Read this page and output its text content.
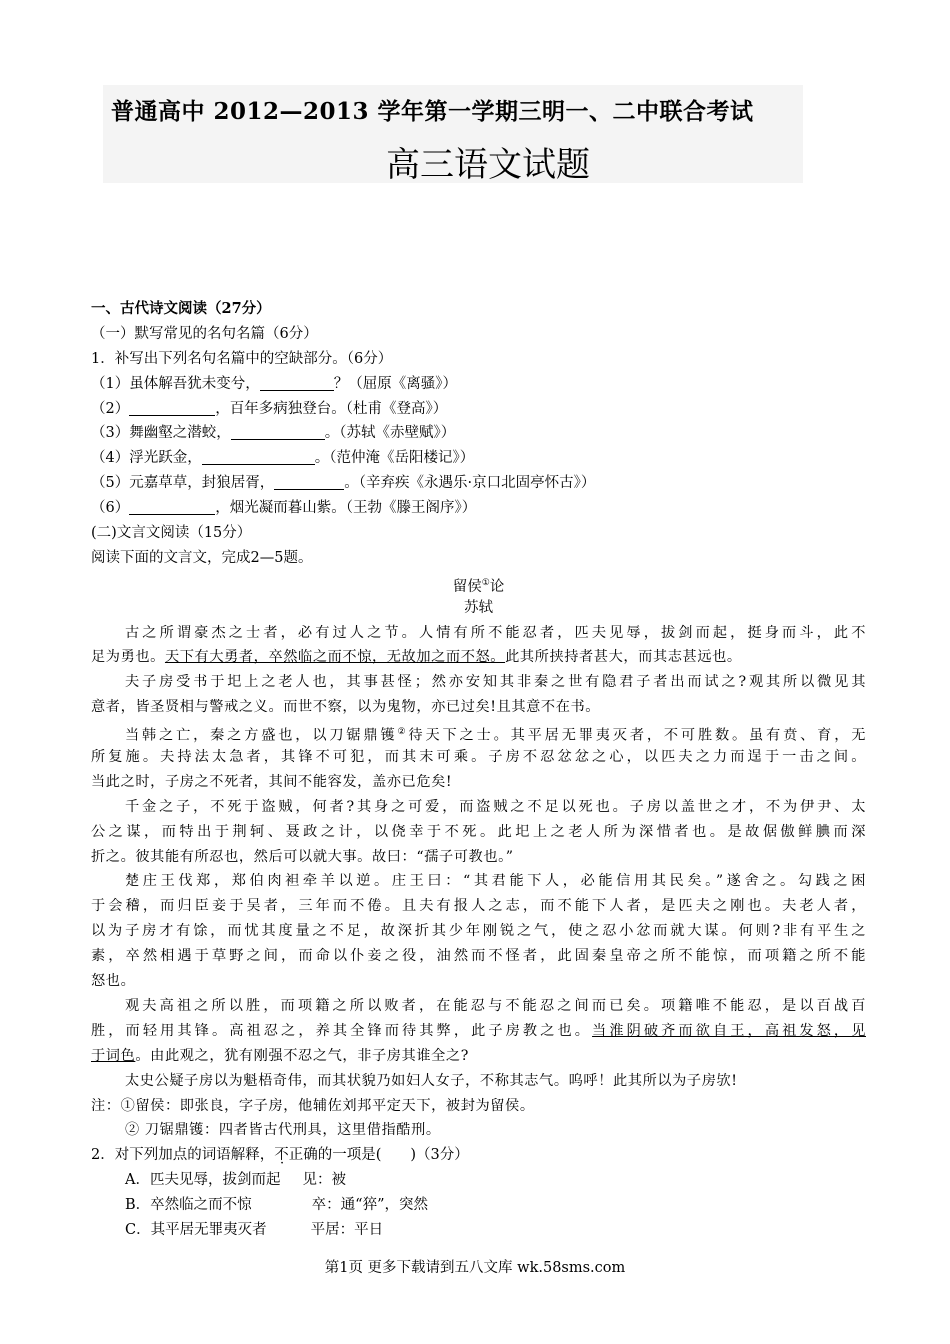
普通高中 2012—2013 学年第一学期三明一、二中联合考试
高三语文试题
一、古代诗文阅读（27分）
（一）默写常见的名句名篇（6分）
1．补写出下列名句名篇中的空缺部分。（6分）
（1）虽体解吾犹未变兮，	？（屈原《离骚》）
（2）	，百年多病独登台。（杜甫《登高》）
（3）舞幽壑之潜蛟，	。（苏轼《赤壁赋》）
（4）浮光跃金，	。（范仲淹《岳阳楼记》）
（5）元嘉草草，封狼居胥，	。（辛弃疾《永遇乐·京口北固亭怀古》）
（6）	，烟光凝而暮山紫。（王勃《滕王阁序》）
(二)文言文阅读（15分）
阅读下面的文言文，完成2—5题。
留侯①论
苏轼
古之所谓豪杰之士者，必有过人之节。人情有所不能忍者，匹夫见辱，拔剑而起，挺身而斗，此不
足为勇也。天下有大勇者，卒然临之而不惊，无故加之而不怒。此其所挟持者甚大，而其志甚远也。
夫子房受书于圯上之老人也，其事甚怪；然亦安知其非秦之世有隐君子者出而试之?观其所以微见其
意者，皆圣贤相与警戒之义。而世不察，以为鬼物，亦已过矣!且其意不在书。
当韩之亡，秦之方盛也，以刀锯鼎镬②待天下之士。其平居无罪夷灭者，不可胜数。虽有贲、育，无
所复施。夫持法太急者，其锋不可犯，而其末可乘。子房不忍忿忿之心，以匹夫之力而逞于一击之间。
当此之时，子房之不死者，其间不能容发，盖亦已危矣!
千金之子，不死于盗贼，何者?其身之可爱，而盗贼之不足以死也。子房以盖世之才，不为伊尹、太
公之谋，而特出于荆轲、聂政之计，以侥幸于不死。此圯上之老人所为深惜者也。是故倨傲鲜腆而深
折之。彼其能有所忍也，然后可以就大事。故曰：“孺子可教也。”
楚庄王伐郑，郑伯肉袒牵羊以逆。庄王曰：“其君能下人，必能信用其民矣。”遂舍之。勾践之困
于会稽，而归臣妾于吴者，三年而不倦。且夫有报人之志，而不能下人者，是匹夫之刚也。夫老人者，
以为子房才有馀，而忧其度量之不足，故深折其少年刚锐之气，使之忍小忿而就大谋。何则?非有平生之
素，卒然相遇于草野之间，而命以仆妾之役，油然而不怪者，此固秦皇帝之所不能惊，而项籍之所不能
怒也。
观夫高祖之所以胜，而项籍之所以败者，在能忍与不能忍之间而已矣。项籍唯不能忍，是以百战百
胜，而轻用其锋。高祖忍之，养其全锋而待其弊，此子房教之也。当淮阴破齐而欲自王，高祖发怒，见
于词色。由此观之，犹有刚强不忍之气，非子房其谁全之?
太史公疑子房以为魁梧奇伟，而其状貌乃如妇人女子，不称其志气。呜呼！此其所以为子房欤!
注：①留侯：即张良，字子房，他辅佐刘邦平定天下，被封为留侯。
② 刀锯鼎镬：四者皆古代刑具，这里借指酷刑。
2．对下列加点的词语解释，不正确的一项是(　　)（3分）
A．匹夫见辱，拔剑而起 见：被
B．卒然临之而不惊	卒：通“猝”，突然
C．其平居无罪夷灭者	平居：平日
第1页 更多下载请到五八文库 wk.58sms.com
